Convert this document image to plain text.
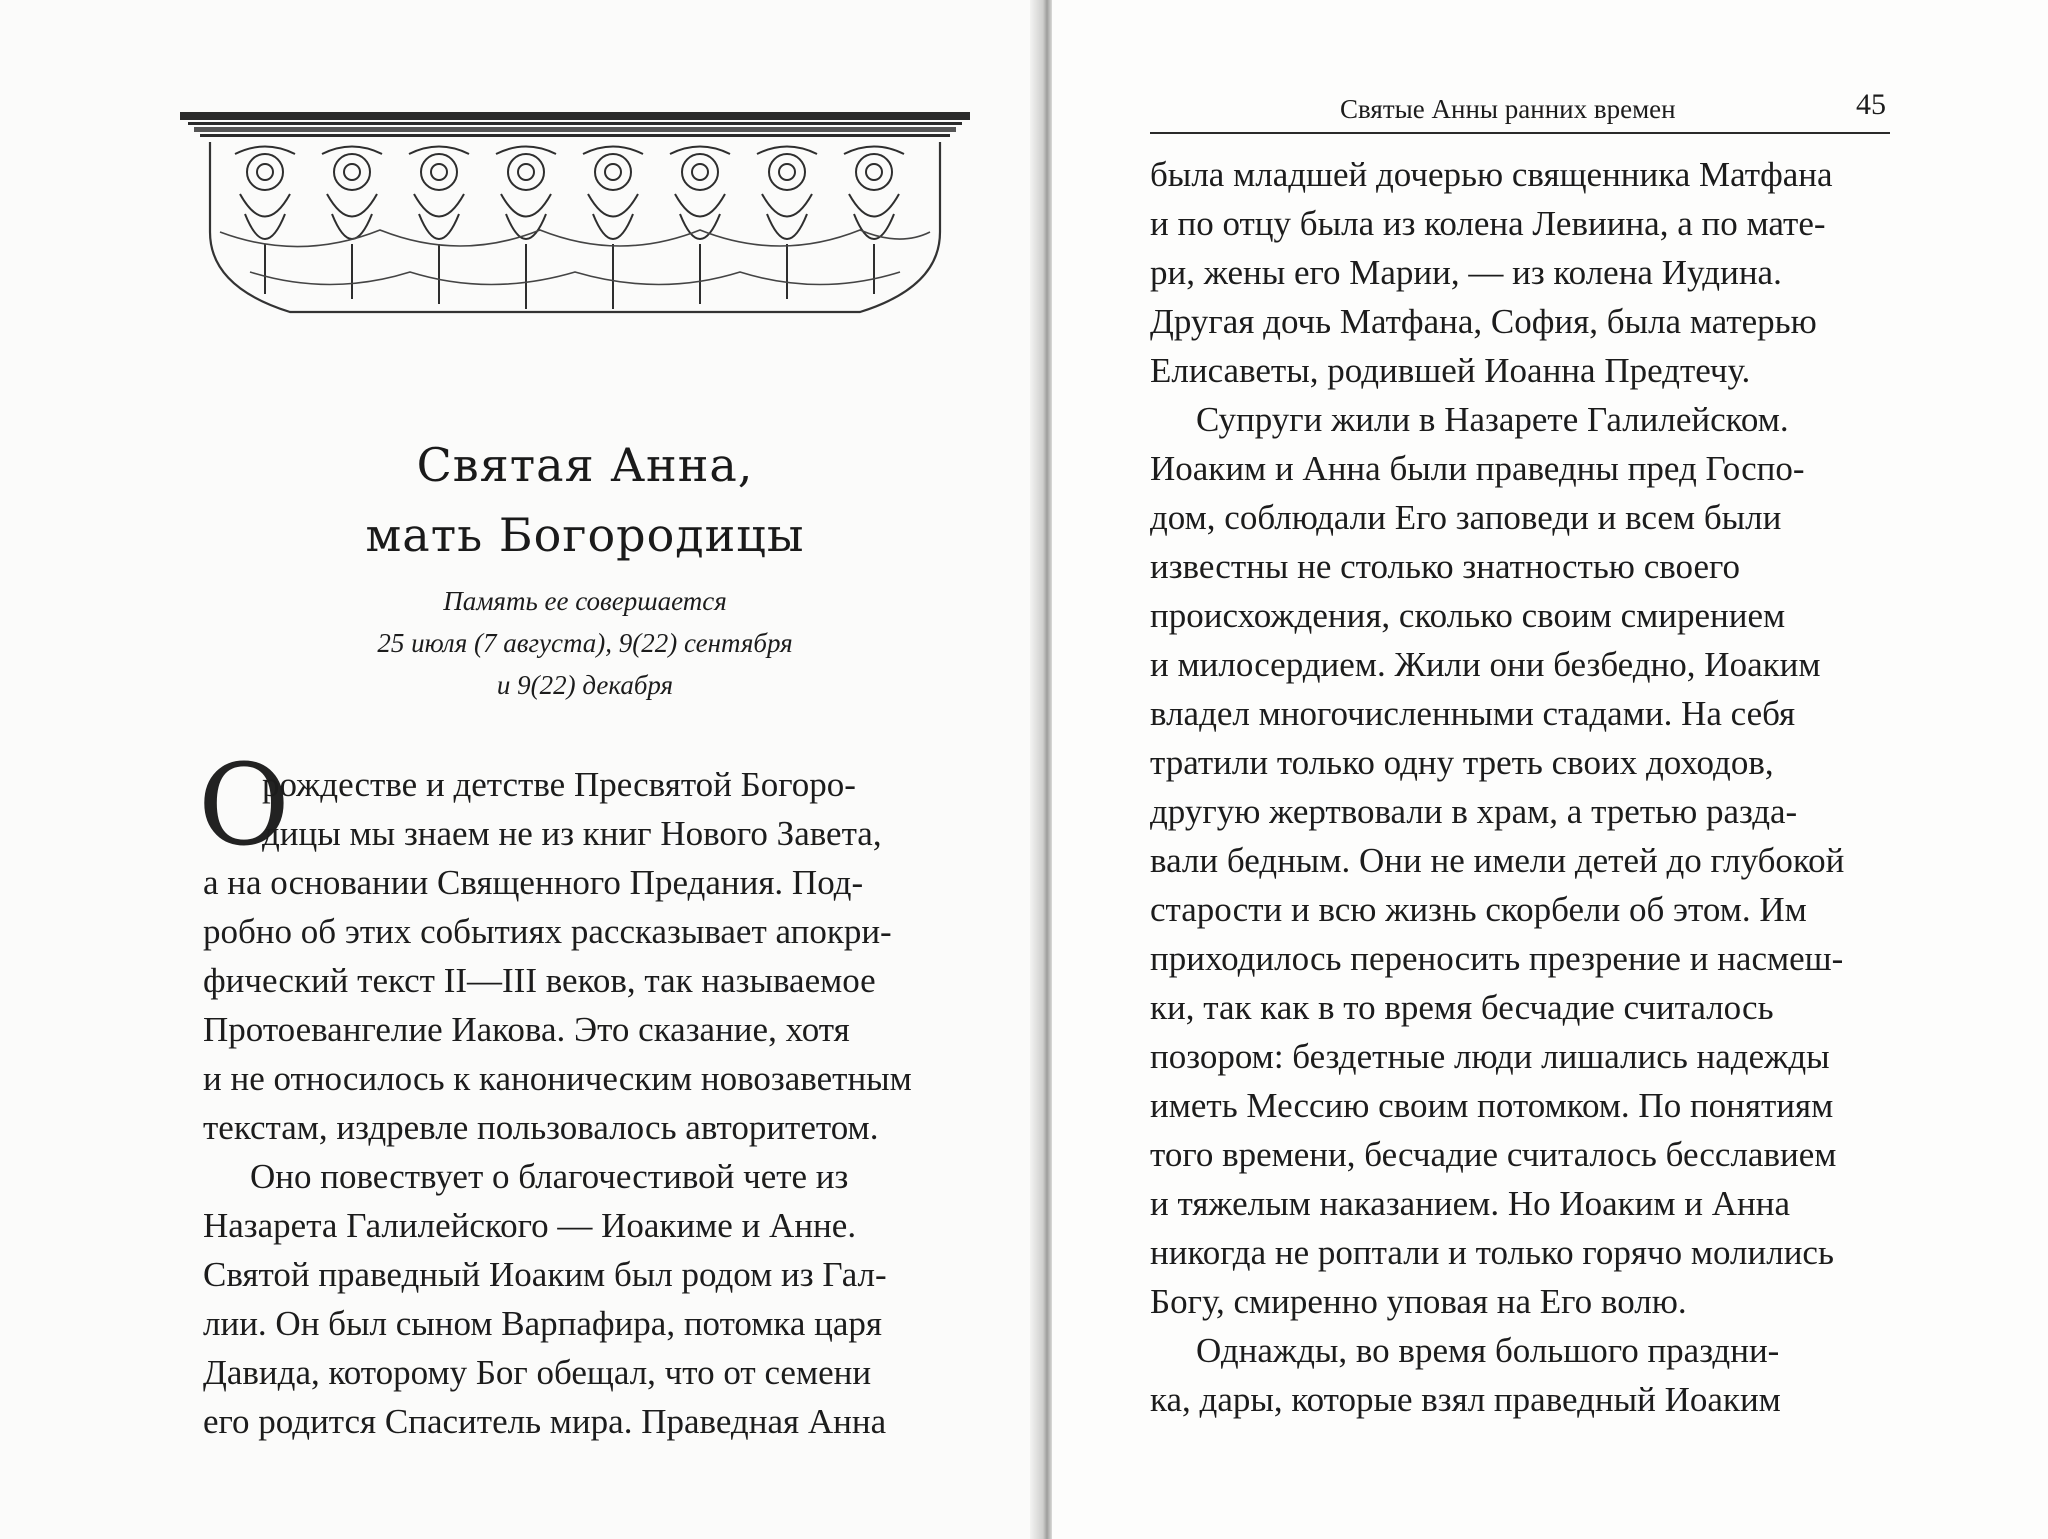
Святая Анна,
мать Богородицы
Память ее совершается
25 июля (7 августа), 9(22) сентября
и 9(22) декабря
О
рождестве и детстве Пресвятой Богоро-
дицы мы знаем не из книг Нового Завета,
а на основании Священного Предания. Под-
робно об этих событиях рассказывает апокри-
фический текст II—III веков, так называемое
Протоевангелие Иакова. Это сказание, хотя
и не относилось к каноническим новозаветным
текстам, издревле пользовалось авторитетом.
Оно повествует о благочестивой чете из
Назарета Галилейского — Иоакиме и Анне.
Святой праведный Иоаким был родом из Гал-
лии. Он был сыном Варпафира, потомка царя
Давида, которому Бог обещал, что от семени
его родится Спаситель мира. Праведная Анна
Святые Анны ранних времен	45
была младшей дочерью священника Матфана
и по отцу была из колена Левиина, а по мате-
ри, жены его Марии, — из колена Иудина.
Другая дочь Матфана, София, была матерью
Елисаветы, родившей Иоанна Предтечу.
Супруги жили в Назарете Галилейском.
Иоаким и Анна были праведны пред Госпо-
дом, соблюдали Его заповеди и всем были
известны не столько знатностью своего
происхождения, сколько своим смирением
и милосердием. Жили они безбедно, Иоаким
владел многочисленными стадами. На себя
тратили только одну треть своих доходов,
другую жертвовали в храм, а третью разда-
вали бедным. Они не имели детей до глубокой
старости и всю жизнь скорбели об этом. Им
приходилось переносить презрение и насмеш-
ки, так как в то время бесчадие считалось
позором: бездетные люди лишались надежды
иметь Мессию своим потомком. По понятиям
того времени, бесчадие считалось бесславием
и тяжелым наказанием. Но Иоаким и Анна
никогда не роптали и только горячо молились
Богу, смиренно уповая на Его волю.
Однажды, во время большого праздни-
ка, дары, которые взял праведный Иоаким
